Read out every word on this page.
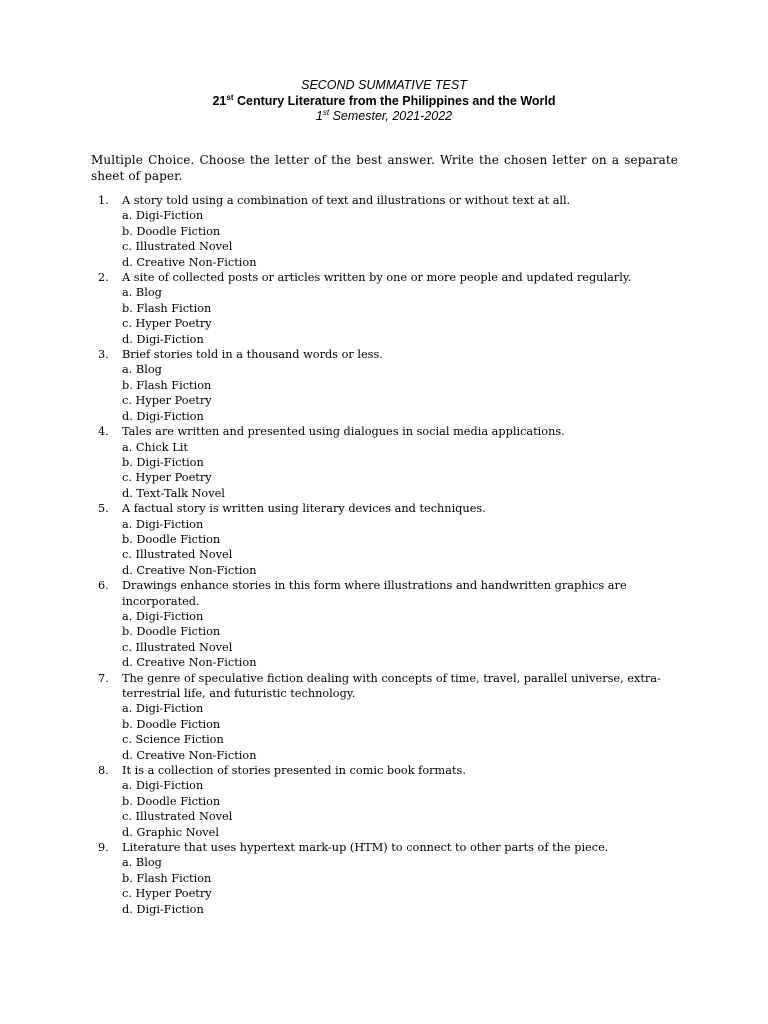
SECOND SUMMATIVE TEST
21st Century Literature from the Philippines and the World
1st Semester, 2021-2022
Multiple Choice. Choose the letter of the best answer. Write the chosen letter on a separate sheet of paper.
1.	A story told using a combination of text and illustrations or without text at all.
a. Digi-Fiction
b. Doodle Fiction
c. Illustrated Novel
d. Creative Non-Fiction
2.	A site of collected posts or articles written by one or more people and updated regularly.
a. Blog
b. Flash Fiction
c. Hyper Poetry
d. Digi-Fiction
3.	Brief stories told in a thousand words or less.
a. Blog
b. Flash Fiction
c. Hyper Poetry
d. Digi-Fiction
4.	Tales are written and presented using dialogues in social media applications.
a. Chick Lit
b. Digi-Fiction
c. Hyper Poetry
d. Text-Talk Novel
5.	A factual story is written using literary devices and techniques.
a. Digi-Fiction
b. Doodle Fiction
c. Illustrated Novel
d. Creative Non-Fiction
6.	Drawings enhance stories in this form where illustrations and handwritten graphics are incorporated.
a. Digi-Fiction
b. Doodle Fiction
c. Illustrated Novel
d. Creative Non-Fiction
7.	The genre of speculative fiction dealing with concepts of time, travel, parallel universe, extra-terrestrial life, and futuristic technology.
a. Digi-Fiction
b. Doodle Fiction
c. Science Fiction
d. Creative Non-Fiction
8.	It is a collection of stories presented in comic book formats.
a. Digi-Fiction
b. Doodle Fiction
c. Illustrated Novel
d. Graphic Novel
9.	Literature that uses hypertext mark-up (HTM) to connect to other parts of the piece.
a. Blog
b. Flash Fiction
c. Hyper Poetry
d. Digi-Fiction
